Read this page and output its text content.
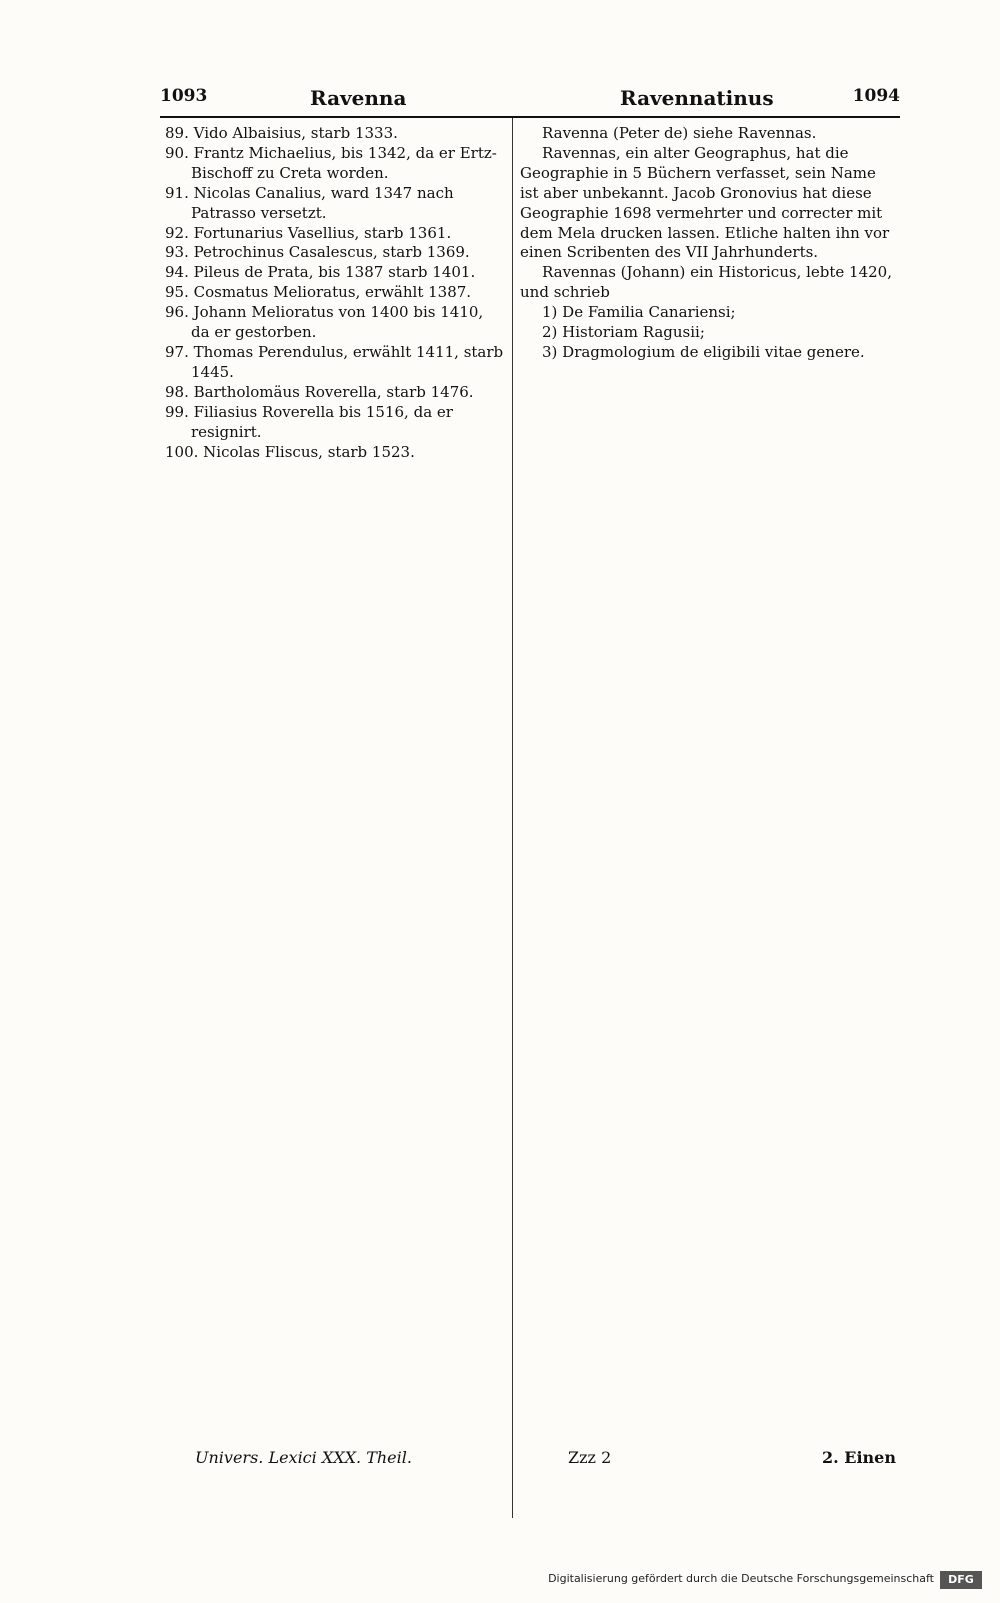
1093	Ravenna	Ravennatinus	1094

89. Vido Albaisius, starb 1333.

90. Frantz Michaelius, bis 1342, da er Ertz-Bischoff zu Creta worden.

91. Nicolas Canalius, ward 1347 nach Patrasso versetzt.

92. Fortunarius Vasellius, starb 1361.

93. Petrochinus Casalescus, starb 1369.

94. Pileus de Prata, bis 1387 starb 1401.

95. Cosmatus Melioratus, erwählt 1387.

96. Johann Melioratus von 1400 bis 1410, da er gestorben.

97. Thomas Perendulus, erwählt 1411, starb 1445.

98. Bartholomäus Roverella, starb 1476.

99. Filiasius Roverella bis 1516, da er resignirt.

100. Nicolas Fliscus, starb 1523.

Ravenna (Peter de) siehe Ravennas.

Ravennas, ein alter Geographus, hat die Geographie in 5 Büchern verfasset, sein Name ist aber unbekannt. Jacob Gronovius hat diese Geographie 1698 vermehrter und correcter mit dem Mela drucken lassen. Etliche halten ihn vor einen Scribenten des VII Jahrhunderts.

Ravennas (Johann) ein Historicus, lebte 1420, und schrieb

1) De Familia Canariensi;

2) Historiam Ragusii;

3) Dragmologium de eligibili vitae genere.

Univers. Lexici XXX. Theil.	Zzz 2	2. Einen
Digitalisierung gefördert durch die Deutsche Forschungsgemeinschaft	DFG
